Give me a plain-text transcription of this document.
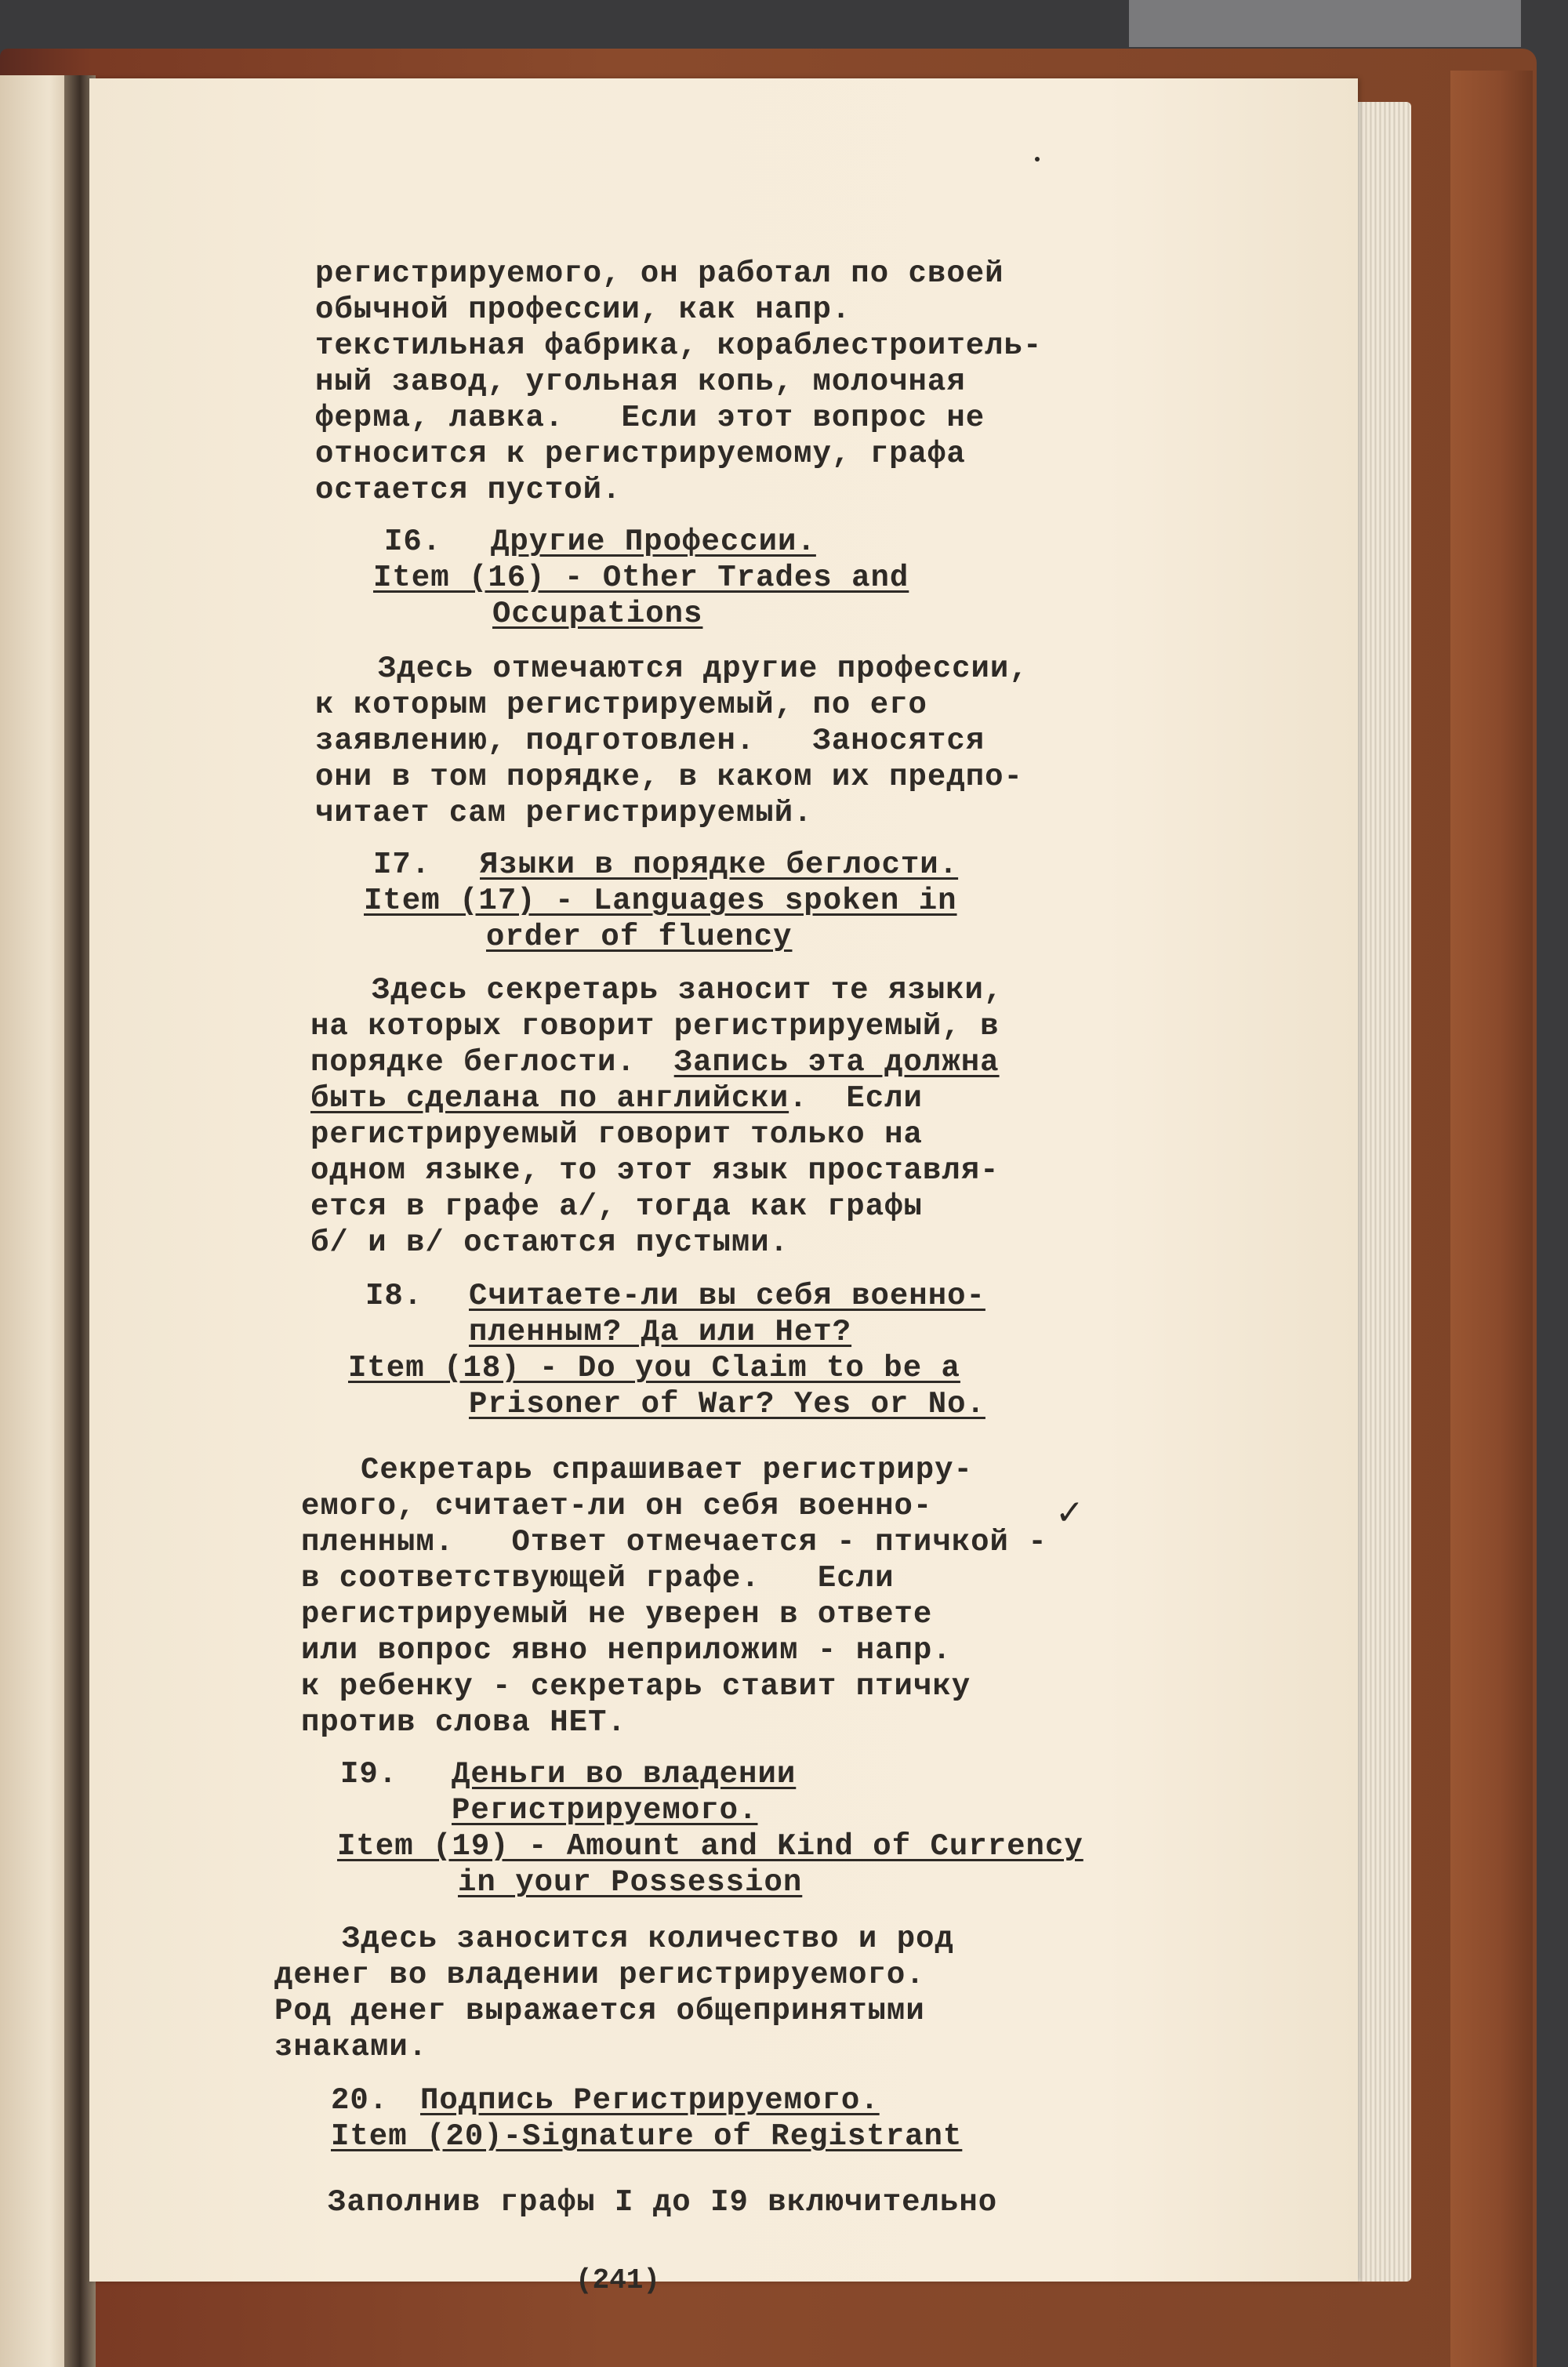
регистрируемого, он работал по своей

обычной профессии, как напр.

текстильная фабрика, кораблестроитель-

ный завод, угольная копь, молочная

ферма, лавка.   Если этот вопрос не

относится к регистрируемому, графа

остается пустой.

I6. Другие Профессии.

Item (16) - Other Trades and

Occupations

Здесь отмечаются другие профессии,

к которым регистрируемый, по его

заявлению, подготовлен.   Заносятся

они в том порядке, в каком их предпо-

читает сам регистрируемый.

I7. Языки в порядке беглости.

Item (17) - Languages spoken in

order of fluency

Здесь секретарь заносит те языки,

на которых говорит регистрируемый, в

порядке беглости.  Запись эта должна

быть сделана по английски.  Если

регистрируемый говорит только на

одном языке, то этот язык проставля-

ется в графе а/, тогда как графы

б/ и в/ остаются пустыми.

I8. Считаете-ли вы себя военно-

пленным? Да или Нет?

Item (18) - Do you Claim to be a

Prisoner of War? Yes or No.

Секретарь спрашивает регистриру-

емого, считает-ли он себя военно-

пленным.   Ответ отмечается - птичкой -

в соответствующей графе.   Если

регистрируемый не уверен в ответе

или вопрос явно неприложим - напр.

к ребенку - секретарь ставит птичку

против слова НЕТ.

✓

I9. Деньги во владении

Регистрируемого.

Item (19) - Amount and Kind of Currency

in your Possession

Здесь заносится количество и род

денег во владении регистрируемого.

Род денег выражается общепринятыми

знаками.

20. Подпись Регистрируемого.

Item (20)-Signature of Registrant

Заполнив графы I до I9 включительно

(241)
